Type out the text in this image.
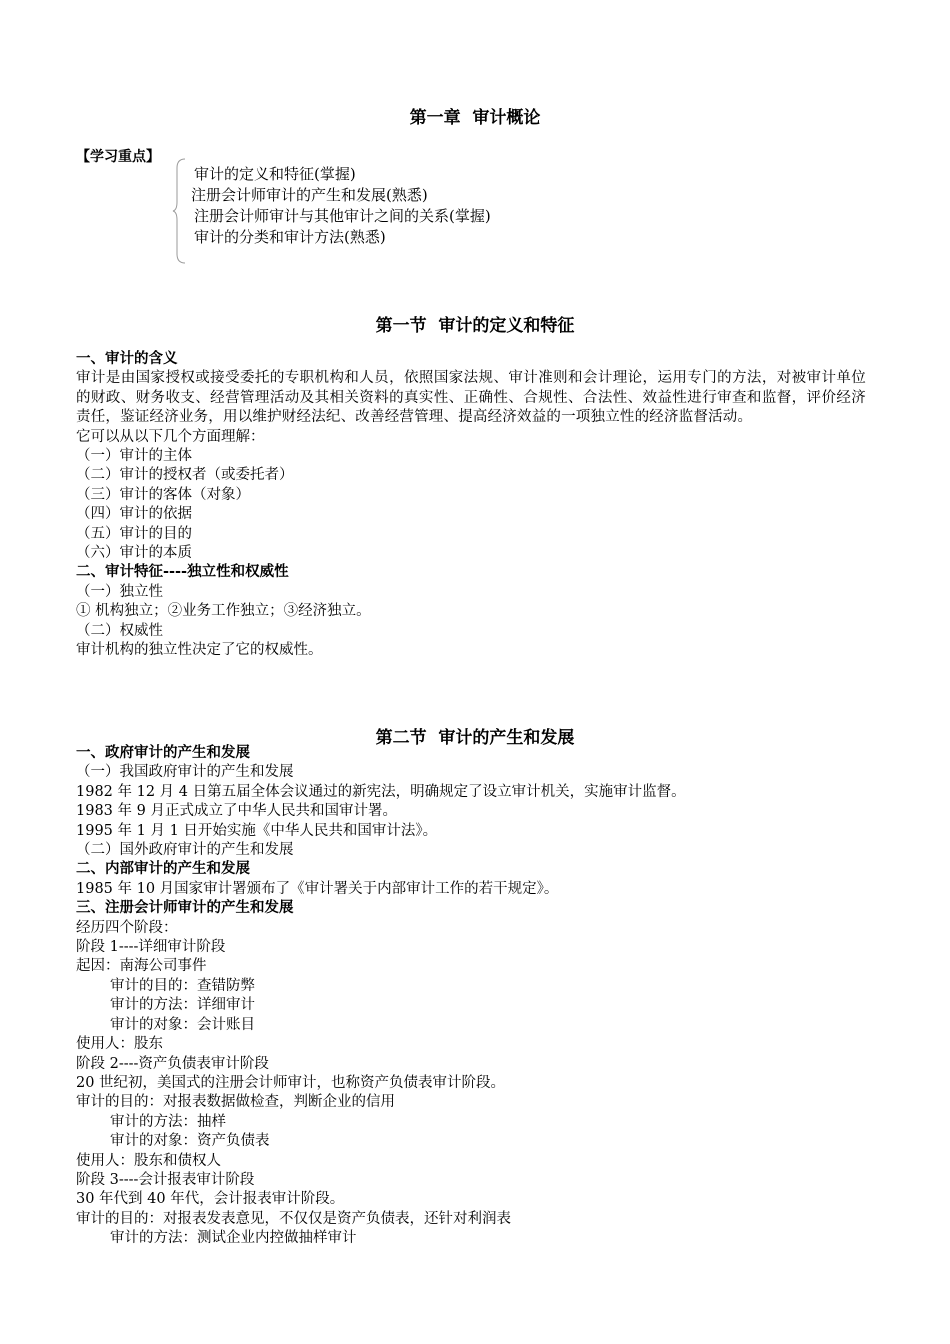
第一章  审计概论
【学习重点】
审计的定义和特征(掌握)
注册会计师审计的产生和发展(熟悉)
注册会计师审计与其他审计之间的关系(掌握)
审计的分类和审计方法(熟悉)
第一节  审计的定义和特征
一、审计的含义
审计是由国家授权或接受委托的专职机构和人员，依照国家法规、审计准则和会计理论，运用专门的方法，对被审计单位的财政、财务收支、经营管理活动及其相关资料的真实性、正确性、合规性、合法性、效益性进行审查和监督，评价经济责任，鉴证经济业务，用以维护财经法纪、改善经营管理、提高经济效益的一项独立性的经济监督活动。
它可以从以下几个方面理解：
（一）审计的主体
（二）审计的授权者（或委托者）
（三）审计的客体（对象）
（四）审计的依据
（五）审计的目的
（六）审计的本质
二、审计特征----独立性和权威性
（一）独立性
① 机构独立；②业务工作独立；③经济独立。
（二）权威性
审计机构的独立性决定了它的权威性。
第二节  审计的产生和发展
一、政府审计的产生和发展
（一）我国政府审计的产生和发展
1982 年 12 月 4 日第五届全体会议通过的新宪法，明确规定了设立审计机关，实施审计监督。
1983 年 9 月正式成立了中华人民共和国审计署。
1995 年 1 月 1 日开始实施《中华人民共和国审计法》。
（二）国外政府审计的产生和发展
二、内部审计的产生和发展
1985 年 10 月国家审计署颁布了《审计署关于内部审计工作的若干规定》。
三、注册会计师审计的产生和发展
经历四个阶段：
阶段 1----详细审计阶段
起因：南海公司事件
审计的目的：查错防弊
审计的方法：详细审计
审计的对象：会计账目
使用人：股东
阶段 2----资产负债表审计阶段
20 世纪初，美国式的注册会计师审计，也称资产负债表审计阶段。
审计的目的：对报表数据做检查，判断企业的信用
审计的方法：抽样
审计的对象：资产负债表
使用人：股东和债权人
阶段 3----会计报表审计阶段
30 年代到 40 年代，会计报表审计阶段。
审计的目的：对报表发表意见，不仅仅是资产负债表，还针对利润表
审计的方法：测试企业内控做抽样审计
